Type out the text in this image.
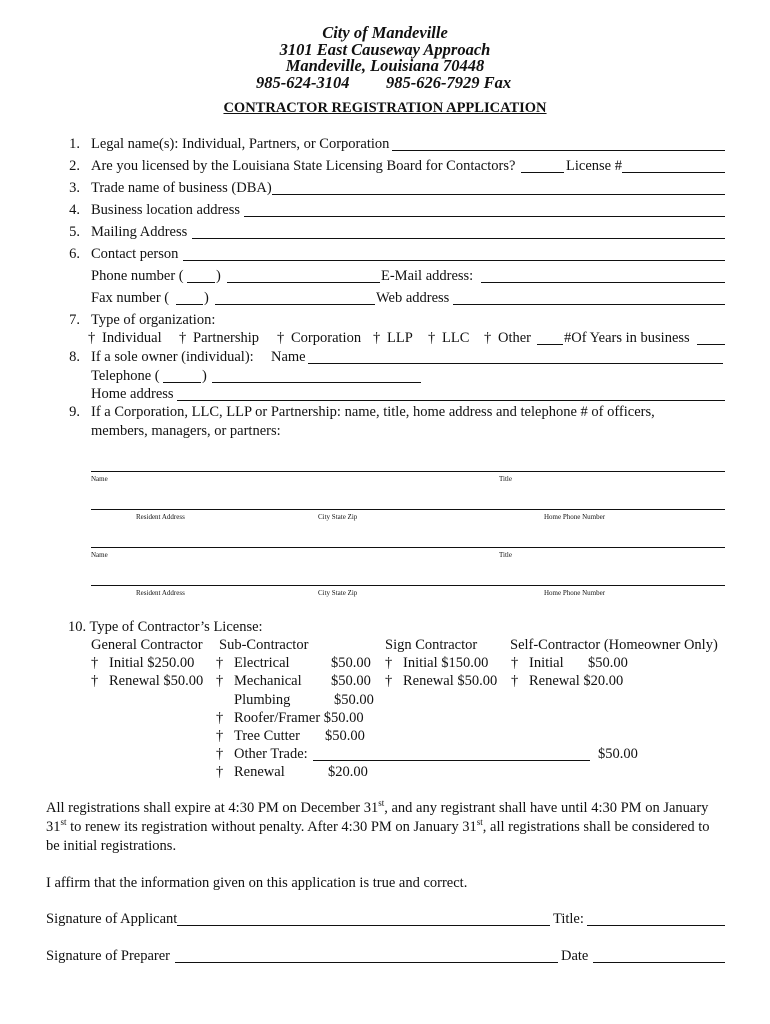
City of Mandeville
3101 East Causeway Approach
Mandeville, Louisiana 70448
985-624-3104 985-626-7929 Fax
CONTRACTOR REGISTRATION APPLICATION
1. Legal name(s): Individual, Partners, or Corporation
2. Are you licensed by the Louisiana State Licensing Board for Contactors?	License #
3. Trade name of business (DBA)
4. Business location address
5. Mailing Address
6. Contact person
Phone number ( )	E-Mail address:
Fax number ( )	Web address
7. Type of organization:
† Individual † Partnership † Corporation † LLP † LLC † Other #Of Years in business
8. If a sole owner (individual): Name
Telephone (	)
Home address
9. If a Corporation, LLC, LLP or Partnership: name, title, home address and telephone # of officers,
members, managers, or partners:
Name	Title
Resident Address	City State Zip	Home Phone Number
Name	Title
Resident Address	City State Zip	Home Phone Number
10. Type of Contractor’s License:
General Contractor Sub-Contractor	Sign Contractor Self-Contractor (Homeowner Only)
† Initial $250.00 † Electrical	$50.00 † Initial $150.00 † Initial $50.00
† Renewal $50.00 † Mechanical $50.00 † Renewal $50.00 † Renewal $20.00
Plumbing	$50.00
† Roofer/Framer $50.00
† Tree Cutter $50.00
† Other Trade:	$50.00
† Renewal	$20.00
All registrations shall expire at 4:30 PM on December 31st, and any registrant shall have until 4:30 PM on January
31st to renew its registration without penalty. After 4:30 PM on January 31st, all registrations shall be considered to
be initial registrations.
I affirm that the information given on this application is true and correct.
Signature of Applicant	Title:
Signature of Preparer	Date
